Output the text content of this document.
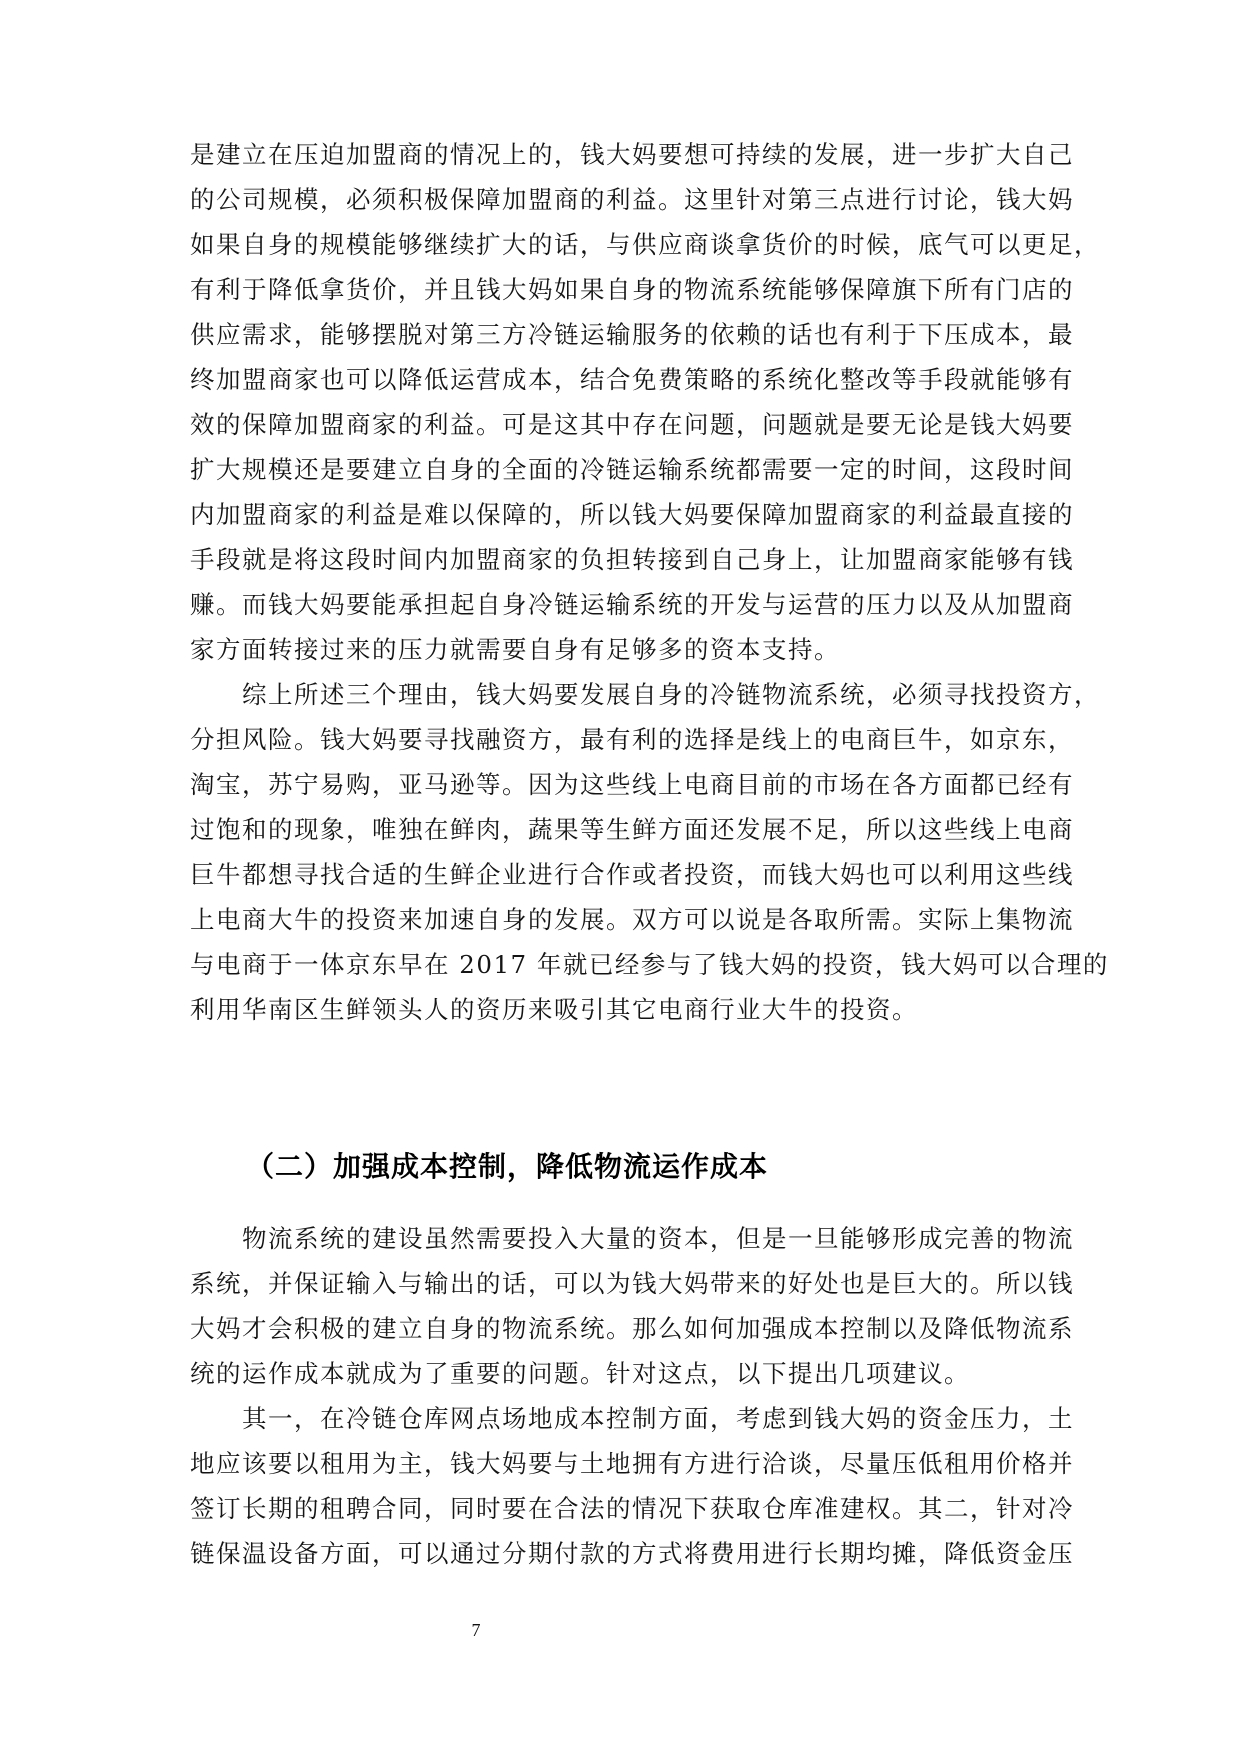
是建立在压迫加盟商的情况上的，钱大妈要想可持续的发展，进一步扩大自己
的公司规模，必须积极保障加盟商的利益。这里针对第三点进行讨论，钱大妈
如果自身的规模能够继续扩大的话，与供应商谈拿货价的时候，底气可以更足，
有利于降低拿货价，并且钱大妈如果自身的物流系统能够保障旗下所有门店的
供应需求，能够摆脱对第三方冷链运输服务的依赖的话也有利于下压成本，最
终加盟商家也可以降低运营成本，结合免费策略的系统化整改等手段就能够有
效的保障加盟商家的利益。可是这其中存在问题，问题就是要无论是钱大妈要
扩大规模还是要建立自身的全面的冷链运输系统都需要一定的时间，这段时间
内加盟商家的利益是难以保障的，所以钱大妈要保障加盟商家的利益最直接的
手段就是将这段时间内加盟商家的负担转接到自己身上，让加盟商家能够有钱
赚。而钱大妈要能承担起自身冷链运输系统的开发与运营的压力以及从加盟商
家方面转接过来的压力就需要自身有足够多的资本支持。
综上所述三个理由，钱大妈要发展自身的冷链物流系统，必须寻找投资方，
分担风险。钱大妈要寻找融资方，最有利的选择是线上的电商巨牛，如京东，
淘宝，苏宁易购，亚马逊等。因为这些线上电商目前的市场在各方面都已经有
过饱和的现象，唯独在鲜肉，蔬果等生鲜方面还发展不足，所以这些线上电商
巨牛都想寻找合适的生鲜企业进行合作或者投资，而钱大妈也可以利用这些线
上电商大牛的投资来加速自身的发展。双方可以说是各取所需。实际上集物流
与电商于一体京东早在 2017 年就已经参与了钱大妈的投资，钱大妈可以合理的
利用华南区生鲜领头人的资历来吸引其它电商行业大牛的投资。
（二）加强成本控制，降低物流运作成本
物流系统的建设虽然需要投入大量的资本，但是一旦能够形成完善的物流
系统，并保证输入与输出的话，可以为钱大妈带来的好处也是巨大的。所以钱
大妈才会积极的建立自身的物流系统。那么如何加强成本控制以及降低物流系
统的运作成本就成为了重要的问题。针对这点，以下提出几项建议。
其一，在冷链仓库网点场地成本控制方面，考虑到钱大妈的资金压力，土
地应该要以租用为主，钱大妈要与土地拥有方进行洽谈，尽量压低租用价格并
签订长期的租聘合同，同时要在合法的情况下获取仓库准建权。其二，针对冷
链保温设备方面，可以通过分期付款的方式将费用进行长期均摊，降低资金压
7
